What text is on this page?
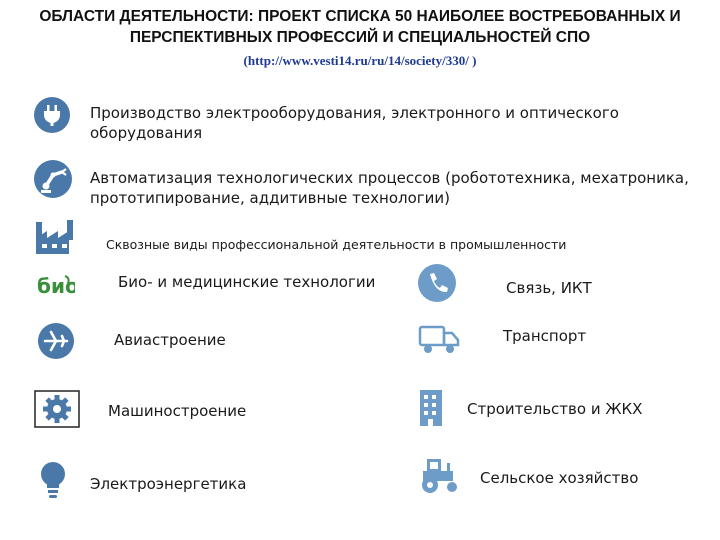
ОБЛАСТИ ДЕЯТЕЛЬНОСТИ: ПРОЕКТ СПИСКА 50 НАИБОЛЕЕ ВОСТРЕБОВАННЫХ И
ПЕРСПЕКТИВНЫХ ПРОФЕССИЙ И СПЕЦИАЛЬНОСТЕЙ СПО
(http://www.vesti14.ru/ru/14/society/330/ )
Производство электрооборудования, электронного и оптического оборудования
Автоматизация технологических процессов (робототехника, мехатроника, прототипирование, аддитивные технологии)
Сквозные виды профессиональной деятельности в промышленности
био	Био- и медицинские технологии
Авиастроение
Машиностроение
Электроэнергетика
Связь, ИКТ
Транспорт
Строительство и ЖКХ
Сельское хозяйство
